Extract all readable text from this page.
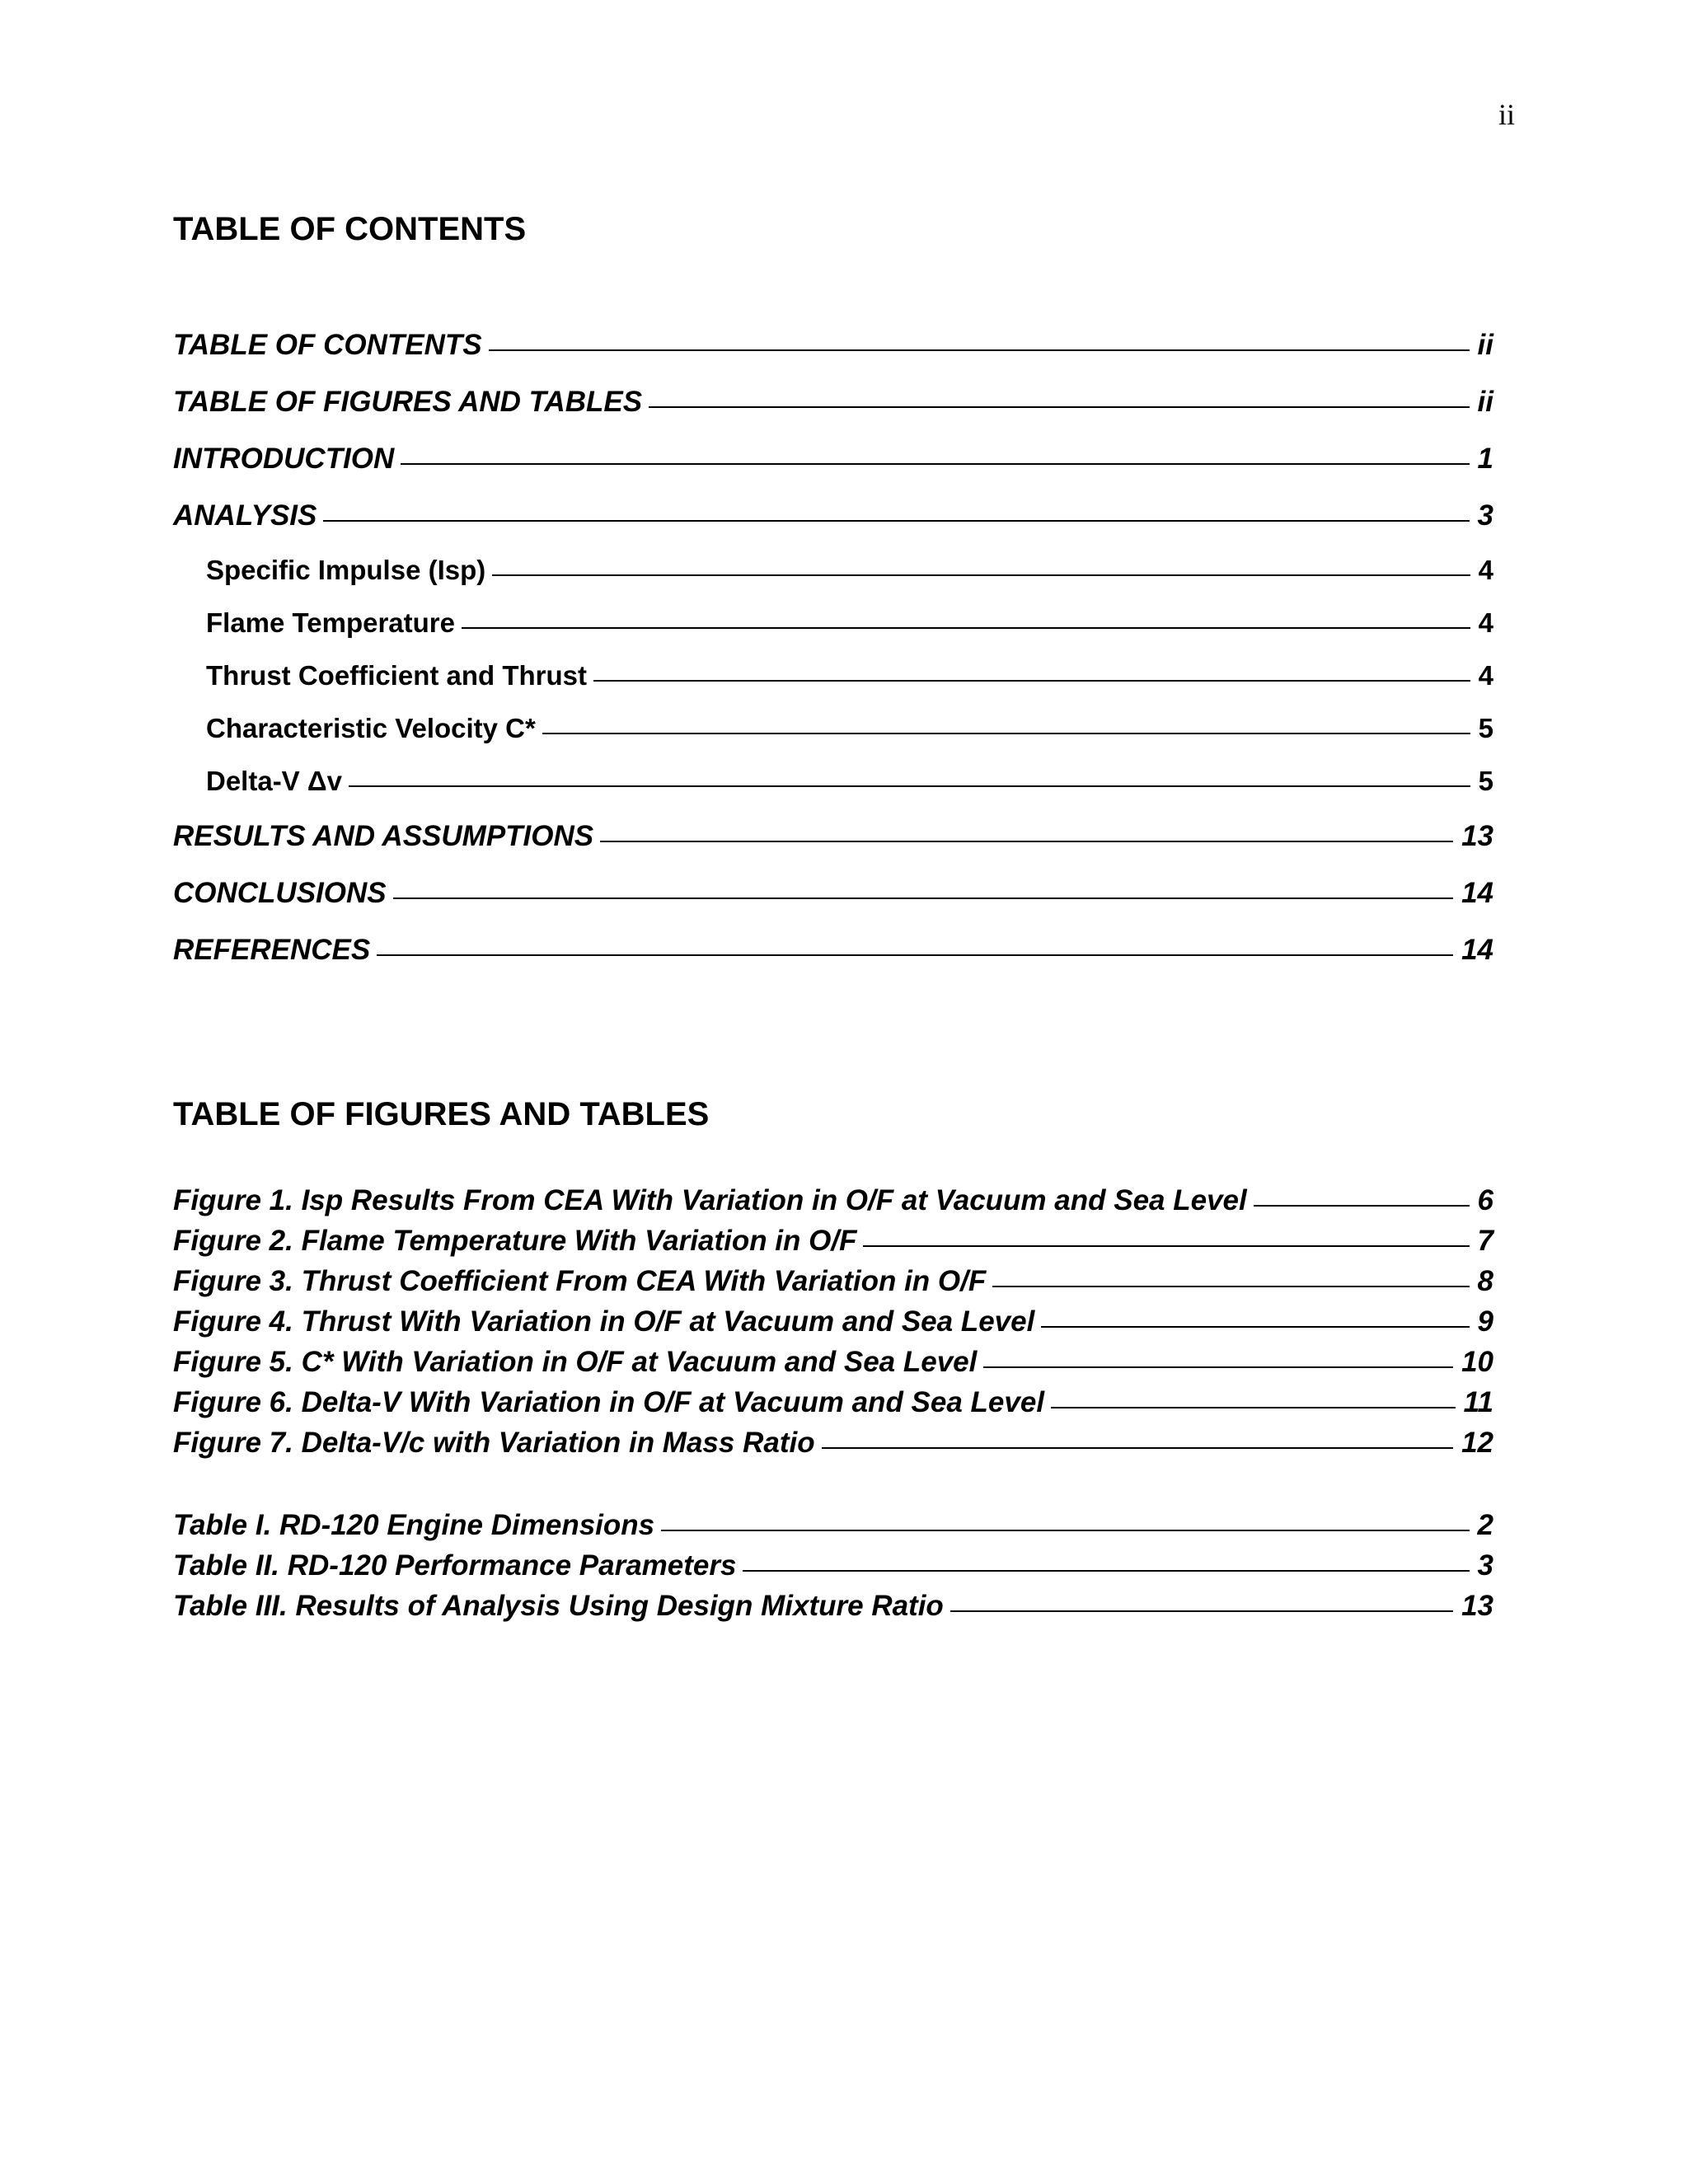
ii
TABLE OF CONTENTS
TABLE OF CONTENTS	ii
TABLE OF FIGURES AND TABLES	ii
INTRODUCTION	1
ANALYSIS	3
Specific Impulse (Isp)	4
Flame Temperature	4
Thrust Coefficient and Thrust	4
Characteristic Velocity C*	5
Delta-V Δv	5
RESULTS AND ASSUMPTIONS	13
CONCLUSIONS	14
REFERENCES	14
TABLE OF FIGURES AND TABLES
Figure 1. Isp Results From CEA With Variation in O/F at Vacuum and Sea Level	6
Figure 2. Flame Temperature With Variation in O/F	7
Figure 3. Thrust Coefficient From CEA With Variation in O/F	8
Figure 4. Thrust With Variation in O/F at Vacuum and Sea Level	9
Figure 5. C* With Variation in O/F at Vacuum and Sea Level	10
Figure 6. Delta-V With Variation in O/F at Vacuum and Sea Level	11
Figure 7. Delta-V/c with Variation in Mass Ratio	12
Table I. RD-120 Engine Dimensions	2
Table II. RD-120 Performance Parameters	3
Table III. Results of Analysis Using Design Mixture Ratio	13
